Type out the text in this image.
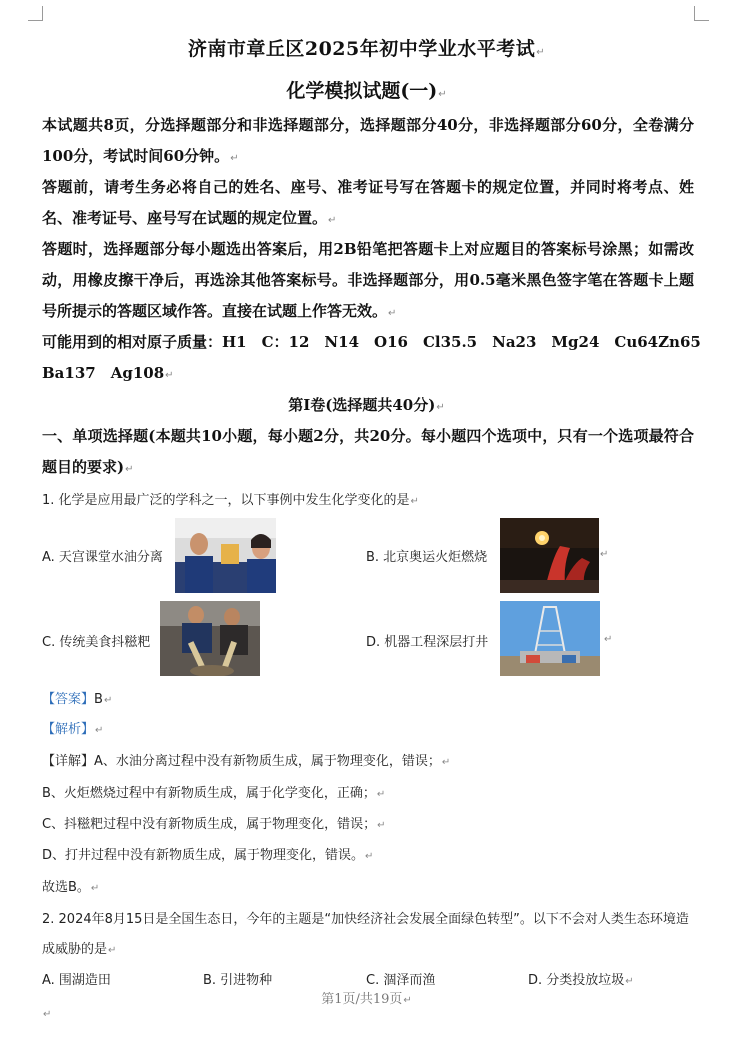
济南市章丘区2025年初中学业水平考试↵
化学模拟试题(一)↵
本试题共8页，分选择题部分和非选择题部分，选择题部分40分，非选择题部分60分，全卷满分100分，考试时间60分钟。↵
答题前，请考生务必将自己的姓名、座号、准考证号写在答题卡的规定位置，并同时将考点、姓名、准考证号、座号写在试题的规定位置。↵
答题时，选择题部分每小题选出答案后，用2B铅笔把答题卡上对应题目的答案标号涂黑；如需改动，用橡皮擦干净后，再选涂其他答案标号。非选择题部分，用0.5毫米黑色签字笔在答题卡上题号所提示的答题区域作答。直接在试题上作答无效。↵
可能用到的相对原子质量：H1　C：12　N14　O16　Cl35.5　Na23　Mg24　Cu64Zn65
Ba137　Ag108↵
第Ⅰ卷(选择题共40分)↵
一、单项选择题(本题共10小题，每小题2分，共20分。每小题四个选项中，只有一个选项最符合题目的要求)↵
1. 化学是应用最广泛的学科之一，以下事例中发生化学变化的是↵
A. 天宫课堂水油分离	B. 北京奥运火炬燃烧	↵
C. 传统美食抖糍粑	D. 机器工程深层打井	↵
【答案】B↵
【解析】↵
【详解】A、水油分离过程中没有新物质生成，属于物理变化，错误；↵
B、火炬燃烧过程中有新物质生成，属于化学变化，正确；↵
C、抖糍粑过程中没有新物质生成，属于物理变化，错误；↵
D、打井过程中没有新物质生成，属于物理变化，错误。↵
故选B。↵
2. 2024年8月15日是全国生态日，今年的主题是“加快经济社会发展全面绿色转型”。以下不会对人类生态环境造成威胁的是↵
A. 围湖造田	B. 引进物种	C. 涸泽而渔	D. 分类投放垃圾↵
第1页/共19页↵
↵
